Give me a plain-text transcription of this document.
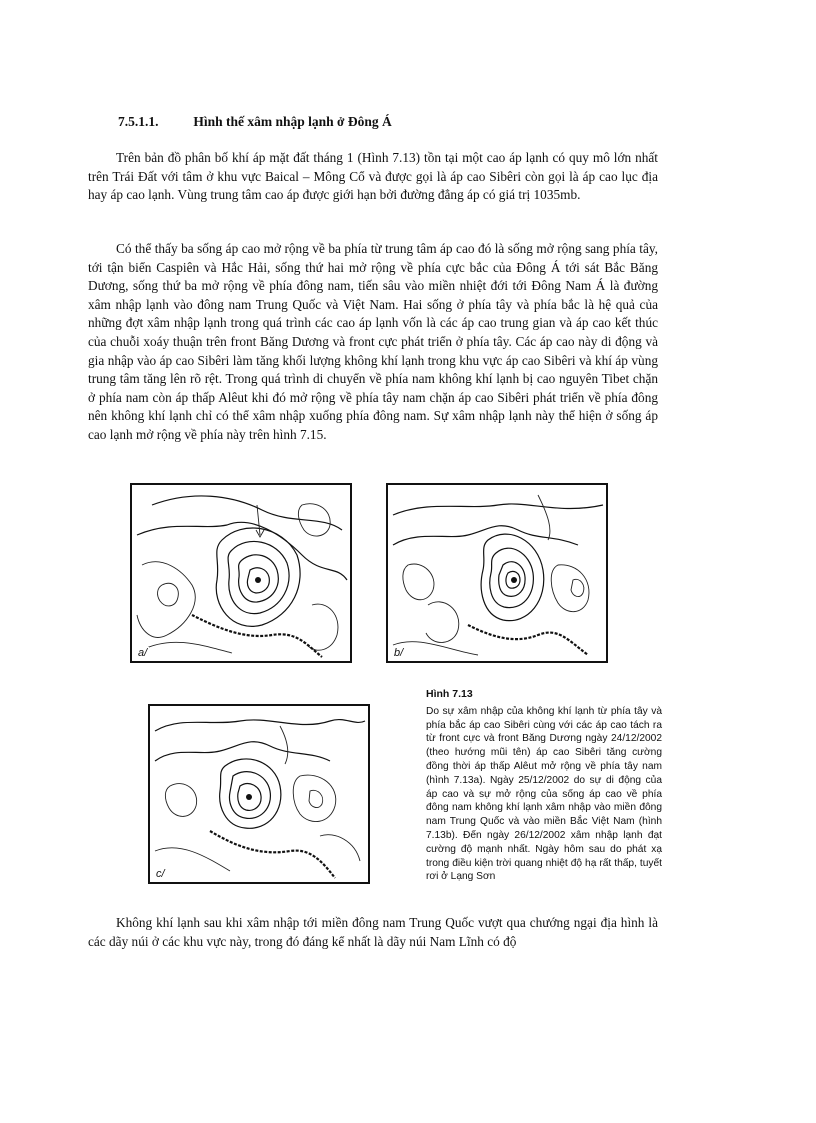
7.5.1.1.	Hình thế xâm nhập lạnh ở Đông Á

Trên bản đồ phân bố khí áp mặt đất tháng 1 (Hình 7.13) tồn tại một cao áp lạnh có quy mô lớn nhất trên Trái Đất với tâm ở khu vực Baical – Mông Cổ và được gọi là áp cao Sibêri còn gọi là áp cao lục địa hay áp cao lạnh. Vùng trung tâm cao áp được giới hạn bởi đường đẳng áp có giá trị 1035mb.

Có thể thấy ba sống áp cao mở rộng về ba phía từ trung tâm áp cao đó là sống mở rộng sang phía tây, tới tận biển Caspiên và Hắc Hải, sống thứ hai mở rộng về phía cực bắc của Đông Á tới sát Bắc Băng Dương, sống thứ ba mở rộng về phía đông nam, tiến sâu vào miền nhiệt đới tới Đông Nam Á là đường xâm nhập lạnh vào đông nam Trung Quốc và Việt Nam. Hai sống ở phía tây và phía bắc là hệ quả của những đợt xâm nhập lạnh trong quá trình các cao áp lạnh vốn là các áp cao trung gian và áp cao kết thúc của chuỗi xoáy thuận trên front Băng Dương và front cực phát triển ở phía tây. Các áp cao này di động và gia nhập vào áp cao Sibêri làm tăng khối lượng không khí lạnh trong khu vực áp cao Sibêri và khí áp vùng trung tâm tăng lên rõ rệt. Trong quá trình di chuyển về phía nam không khí lạnh bị cao nguyên Tibet chặn ở phía nam còn áp thấp Alêut khi đó mở rộng về phía tây nam chặn áp cao Sibêri phát triển về phía đông nên không khí lạnh chỉ có thể xâm nhập xuống phía đông nam. Sự xâm nhập lạnh này thể hiện ở sống áp cao lạnh mở rộng về phía này trên hình 7.15.

a/	b/
c/
Hình 7.13
Do sự xâm nhập của không khí lạnh từ phía tây và phía bắc áp cao Sibêri cùng với các áp cao tách ra từ front cực và front Băng Dương ngày 24/12/2002 (theo hướng mũi tên) áp cao Sibêri tăng cường đồng thời áp thấp Alêut mở rộng về phía tây nam (hình 7.13a). Ngày 25/12/2002 do sự di động của áp cao và sự mở rộng của sống áp cao về phía đông nam không khí lạnh xâm nhập vào miền đông nam Trung Quốc và vào miền Bắc Việt Nam (hình 7.13b). Đến ngày 26/12/2002 xâm nhập lạnh đạt cường độ mạnh nhất. Ngày hôm sau do phát xạ trong điều kiện trời quang nhiệt độ hạ rất thấp, tuyết rơi ở Lạng Sơn

Không khí lạnh sau khi xâm nhập tới miền đông nam Trung Quốc vượt qua chướng ngại địa hình là các dãy núi ở các khu vực này, trong đó đáng kể nhất là dãy núi Nam Lĩnh có độ
